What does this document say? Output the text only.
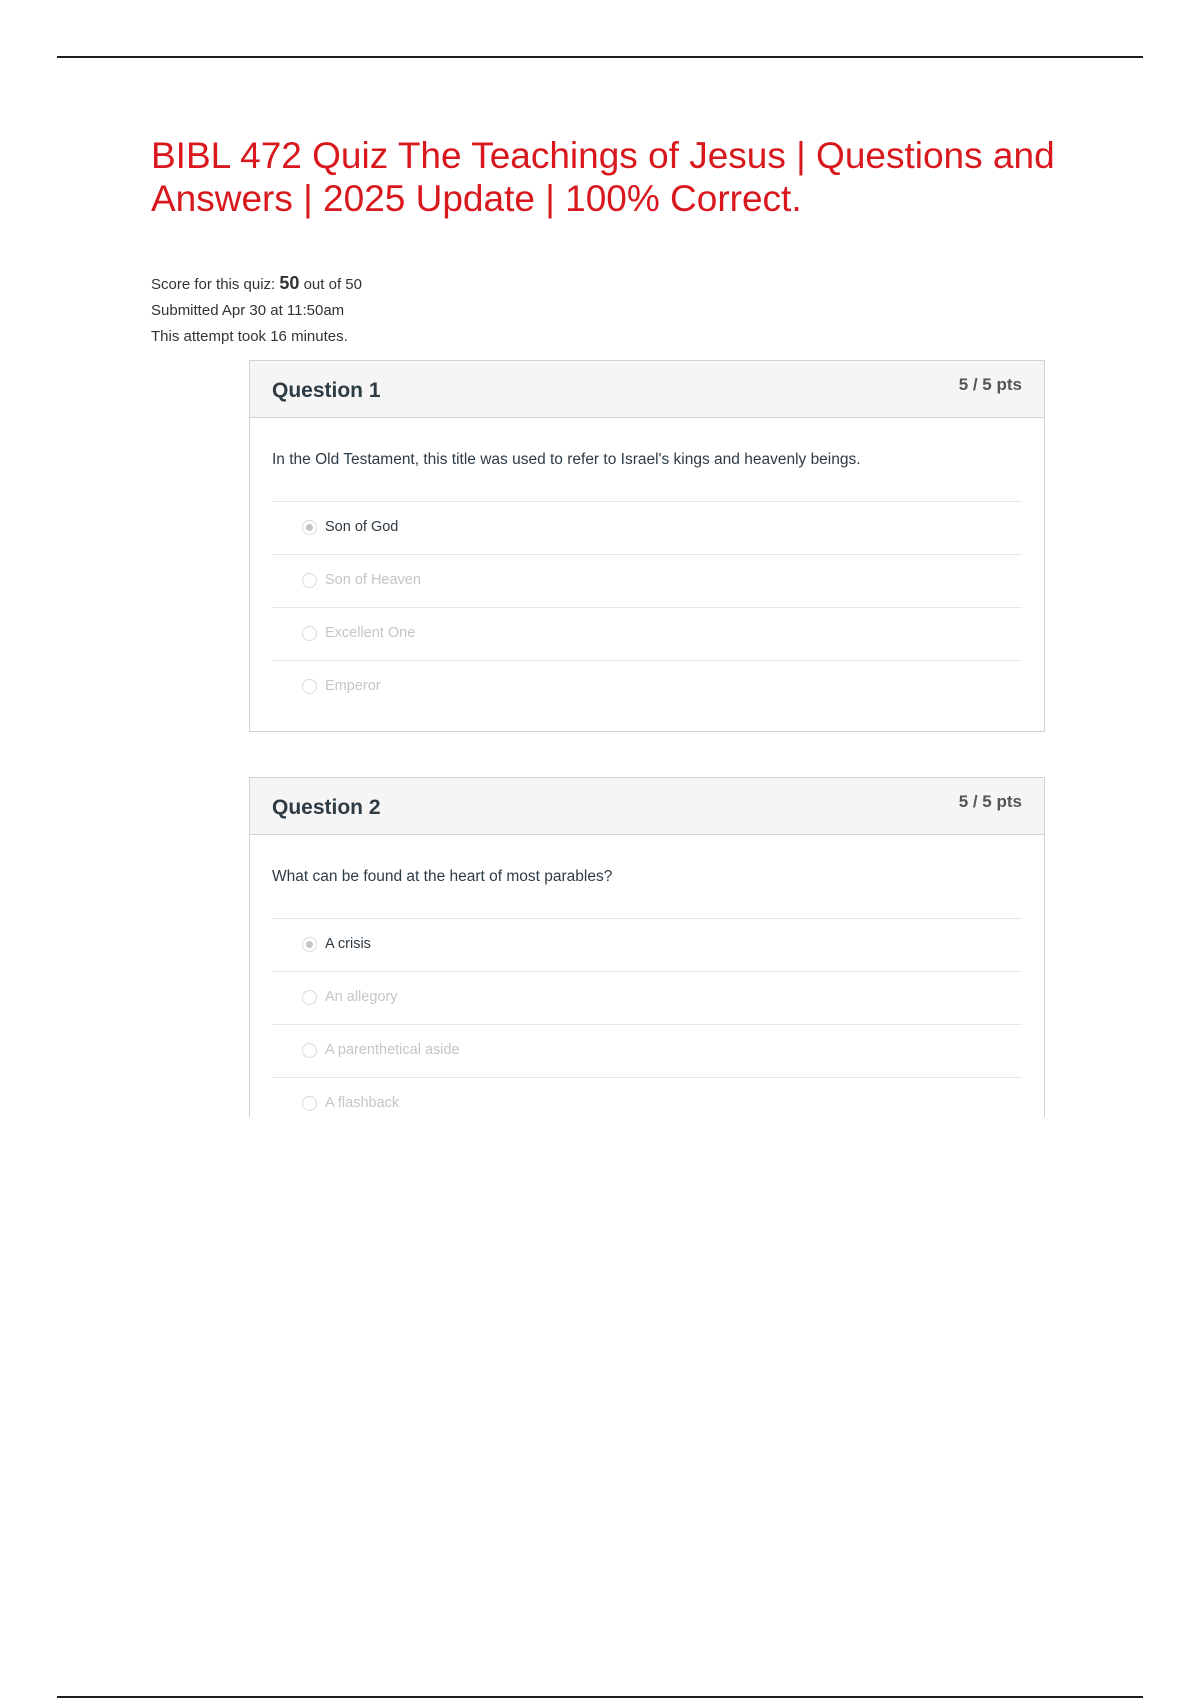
BIBL 472 Quiz The Teachings of Jesus | Questions and Answers | 2025 Update | 100% Correct.
Score for this quiz: 50 out of 50
Submitted Apr 30 at 11:50am
This attempt took 16 minutes.
Question 1	5 / 5 pts
In the Old Testament, this title was used to refer to Israel's kings and heavenly beings.
Son of God
Son of Heaven
Excellent One
Emperor
Question 2	5 / 5 pts
What can be found at the heart of most parables?
A crisis
An allegory
A parenthetical aside
A flashback
